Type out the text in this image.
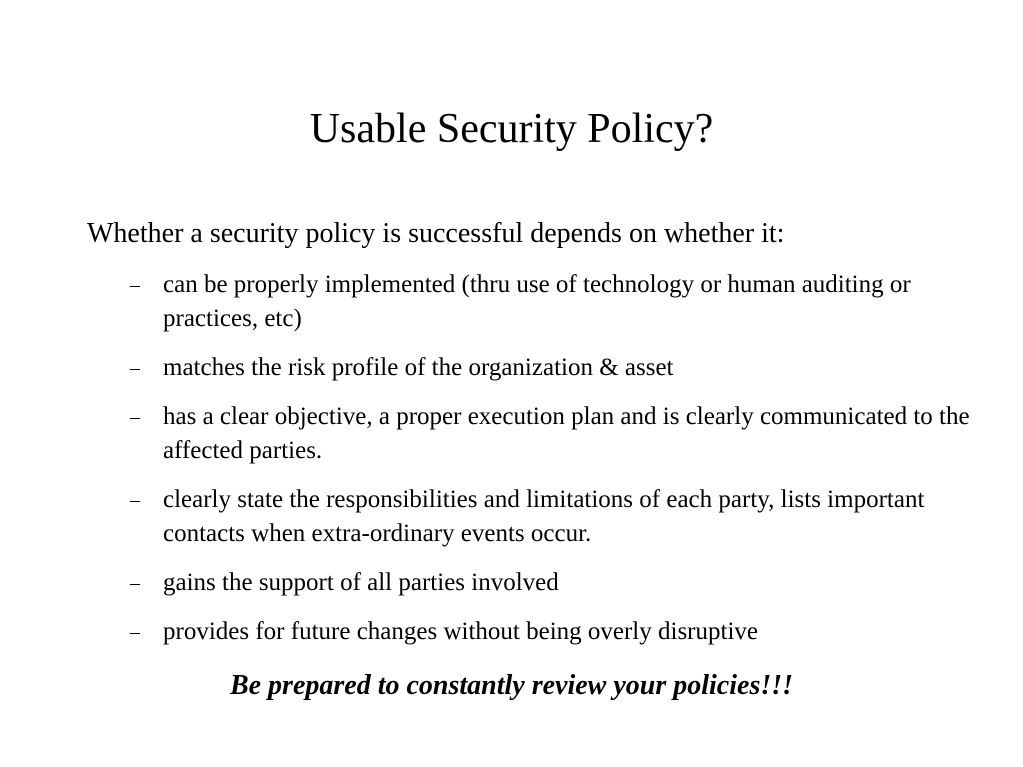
Usable Security Policy?

Whether a security policy is successful depends on whether it:

– can be properly implemented (thru use of technology or human auditing or practices, etc)
– matches the risk profile of the organization & asset
– has a clear objective, a proper execution plan and is clearly communicated to the affected parties.
– clearly state the responsibilities and limitations of each party, lists important contacts when extra-ordinary events occur.
– gains the support of all parties involved
– provides for future changes without being overly disruptive

Be prepared to constantly review your policies!!!
